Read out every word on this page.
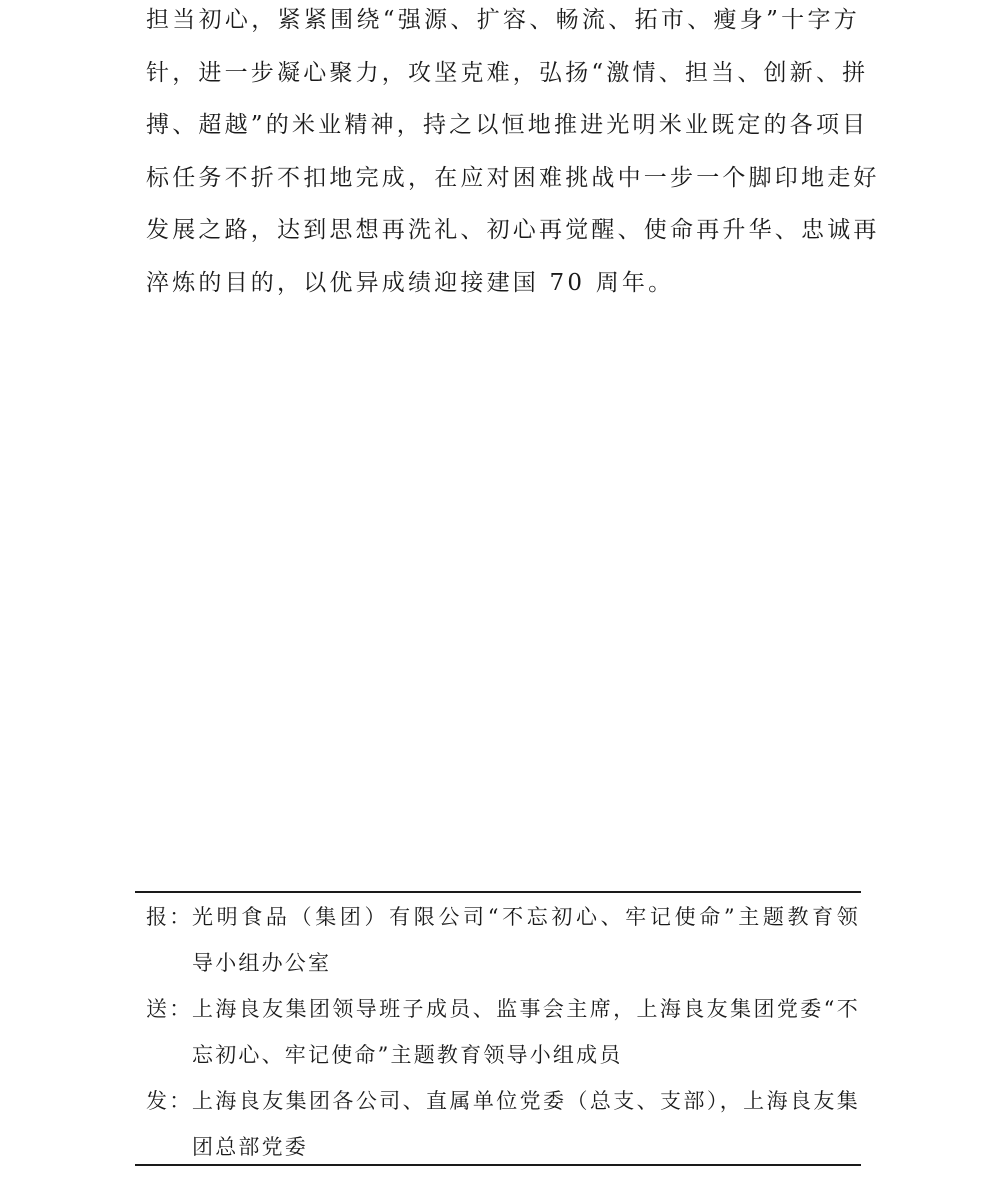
担当初心，紧紧围绕“强源、扩容、畅流、拓市、瘦身”十字方
针，进一步凝心聚力，攻坚克难，弘扬“激情、担当、创新、拼
搏、超越”的米业精神，持之以恒地推进光明米业既定的各项目
标任务不折不扣地完成，在应对困难挑战中一步一个脚印地走好
发展之路，达到思想再洗礼、初心再觉醒、使命再升华、忠诚再
淬炼的目的，以优异成绩迎接建国 70 周年。
报： 光明食品（集团）有限公司“不忘初心、牢记使命”主题教育领
导小组办公室
送： 上海良友集团领导班子成员、监事会主席，上海良友集团党委“不
忘初心、牢记使命”主题教育领导小组成员
发： 上海良友集团各公司、直属单位党委（总支、支部），上海良友集
团总部党委
